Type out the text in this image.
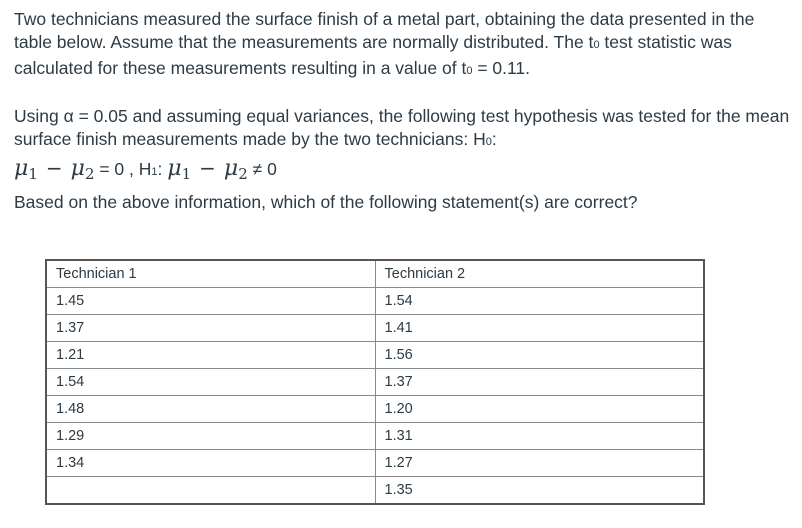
Two technicians measured the surface finish of a metal part, obtaining the data presented in the table below. Assume that the measurements are normally distributed. The t0 test statistic was calculated for these measurements resulting in a value of t0 = 0.11.

Using α = 0.05 and assuming equal variances, the following test hypothesis was tested for the mean surface finish measurements made by the two technicians: H0:

μ1 − μ2 = 0 , H1: μ1 − μ2 ≠ 0

Based on the above information, which of the following statement(s) are correct?

Technician 1	Technician 2
1.45	1.54
1.37	1.41
1.21	1.56
1.54	1.37
1.48	1.20
1.29	1.31
1.34	1.27
	1.35
